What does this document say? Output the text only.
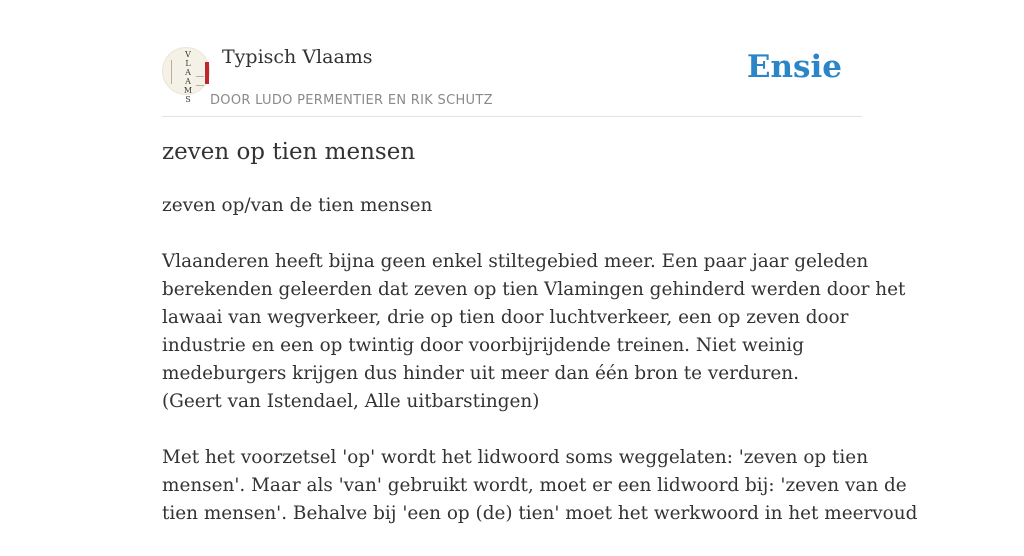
V
L
A
A
M
S
Typisch Vlaams
DOOR LUDO PERMENTIER EN RIK SCHUTZ
Ensie
zeven op tien mensen

zeven op/van de tien mensen

Vlaanderen heeft bijna geen enkel stiltegebied meer. Een paar jaar geleden
berekenden geleerden dat zeven op tien Vlamingen gehinderd werden door het
lawaai van wegverkeer, drie op tien door luchtverkeer, een op zeven door
industrie en een op twintig door voorbijrijdende treinen. Niet weinig
medeburgers krijgen dus hinder uit meer dan één bron te verduren.
(Geert van Istendael, Alle uitbarstingen)

Met het voorzetsel 'op' wordt het lidwoord soms weggelaten: 'zeven op tien
mensen'. Maar als 'van' gebruikt wordt, moet er een lidwoord bij: 'zeven van de
tien mensen'. Behalve bij 'een op (de) tien' moet het werkwoord in het meervoud
